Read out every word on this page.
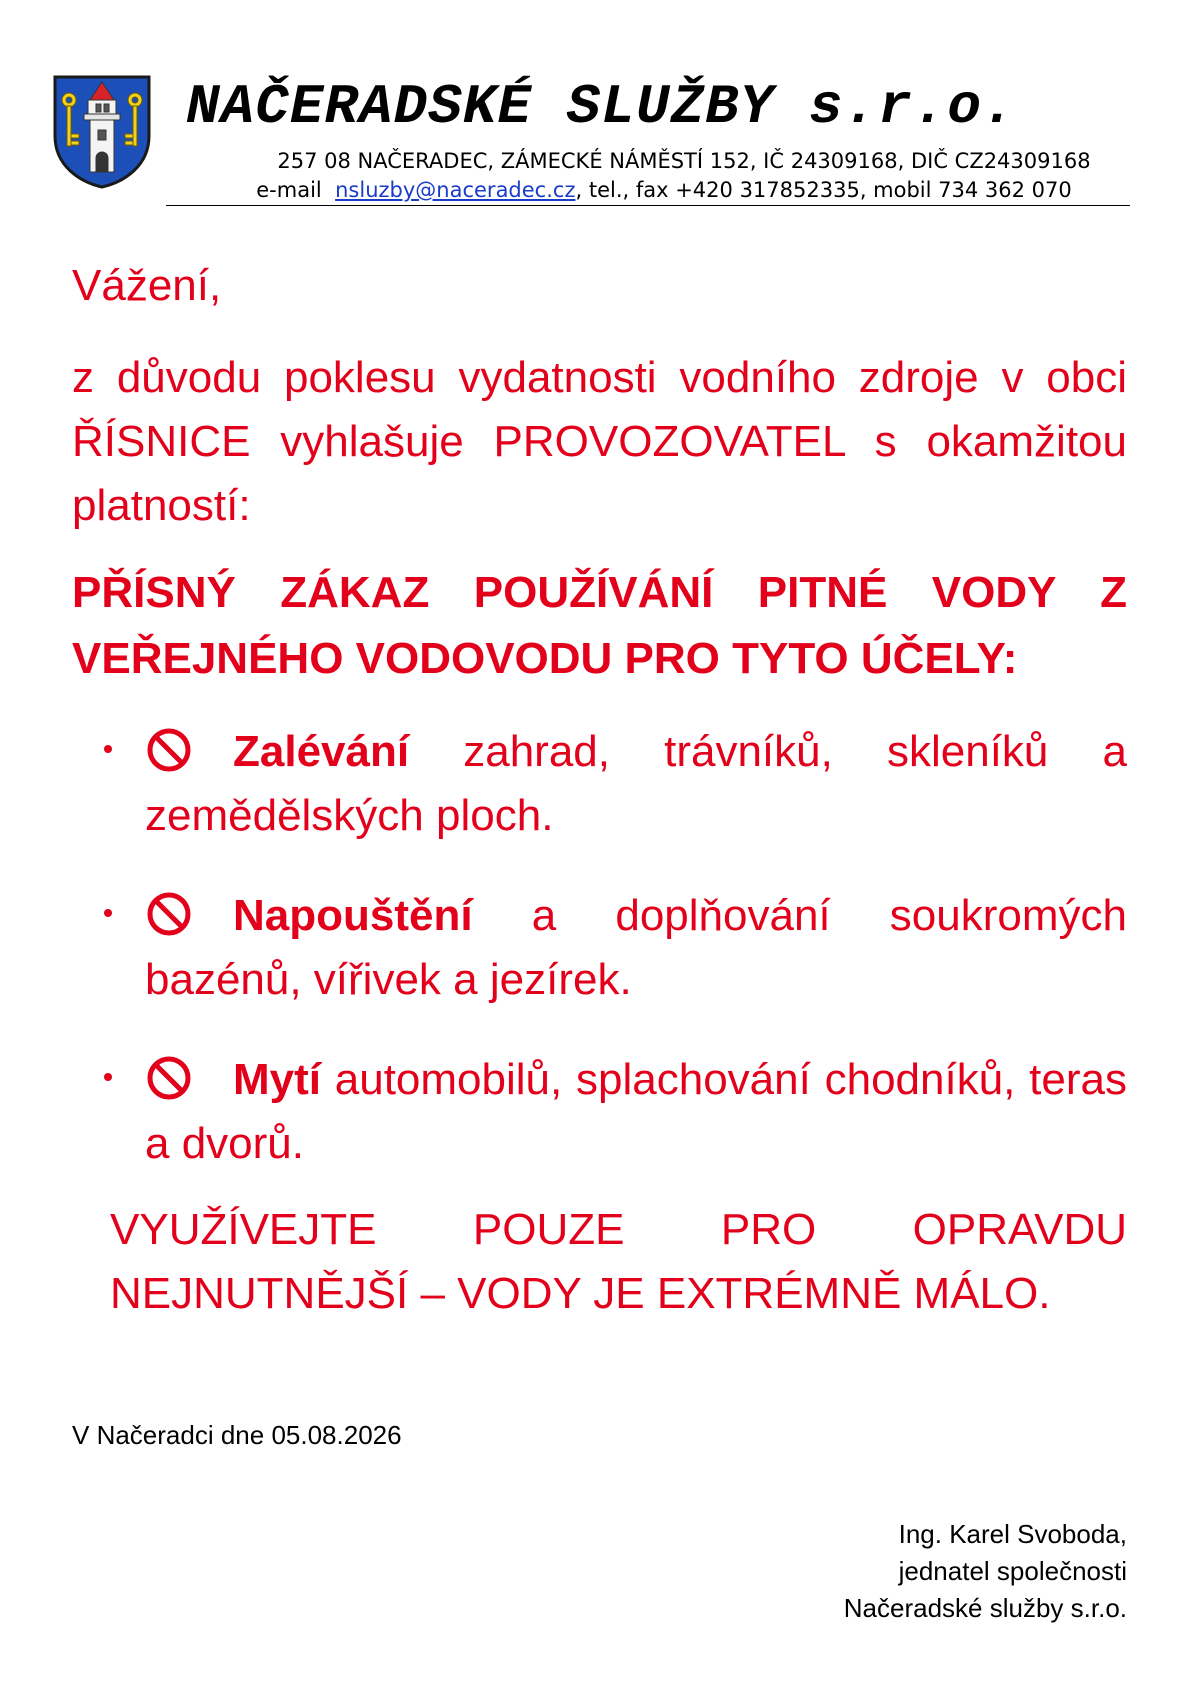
NAČERADSKÉ SLUŽBY s.r.o.
257 08 NAČERADEC, ZÁMECKÉ NÁMĚSTÍ 152, IČ 24309168, DIČ CZ24309168
e-mail nsluzby@naceradec.cz, tel., fax +420 317852335, mobil 734 362 070
Vážení,
z důvodu poklesu vydatnosti vodního zdroje v obci ŘÍSNICE vyhlašuje PROVOZOVATEL s okamžitou platností:
PŘÍSNÝ ZÁKAZ POUŽÍVÁNÍ PITNÉ VODY Z VEŘEJNÉHO VODOVODU PRO TYTO ÚČELY:
Zalévání zahrad, trávníků, skleníků a zemědělských ploch.
Napouštění a doplňování soukromých bazénů, vířivek a jezírek.
Mytí automobilů, splachování chodníků, teras a dvorů.
VYUŽÍVEJTE POUZE PRO OPRAVDU NEJNUTNĚJŠÍ – VODY JE EXTRÉMNĚ MÁLO.
V Načeradci dne 05.08.2026
Ing. Karel Svoboda,
jednatel společnosti
Načeradské služby s.r.o.
